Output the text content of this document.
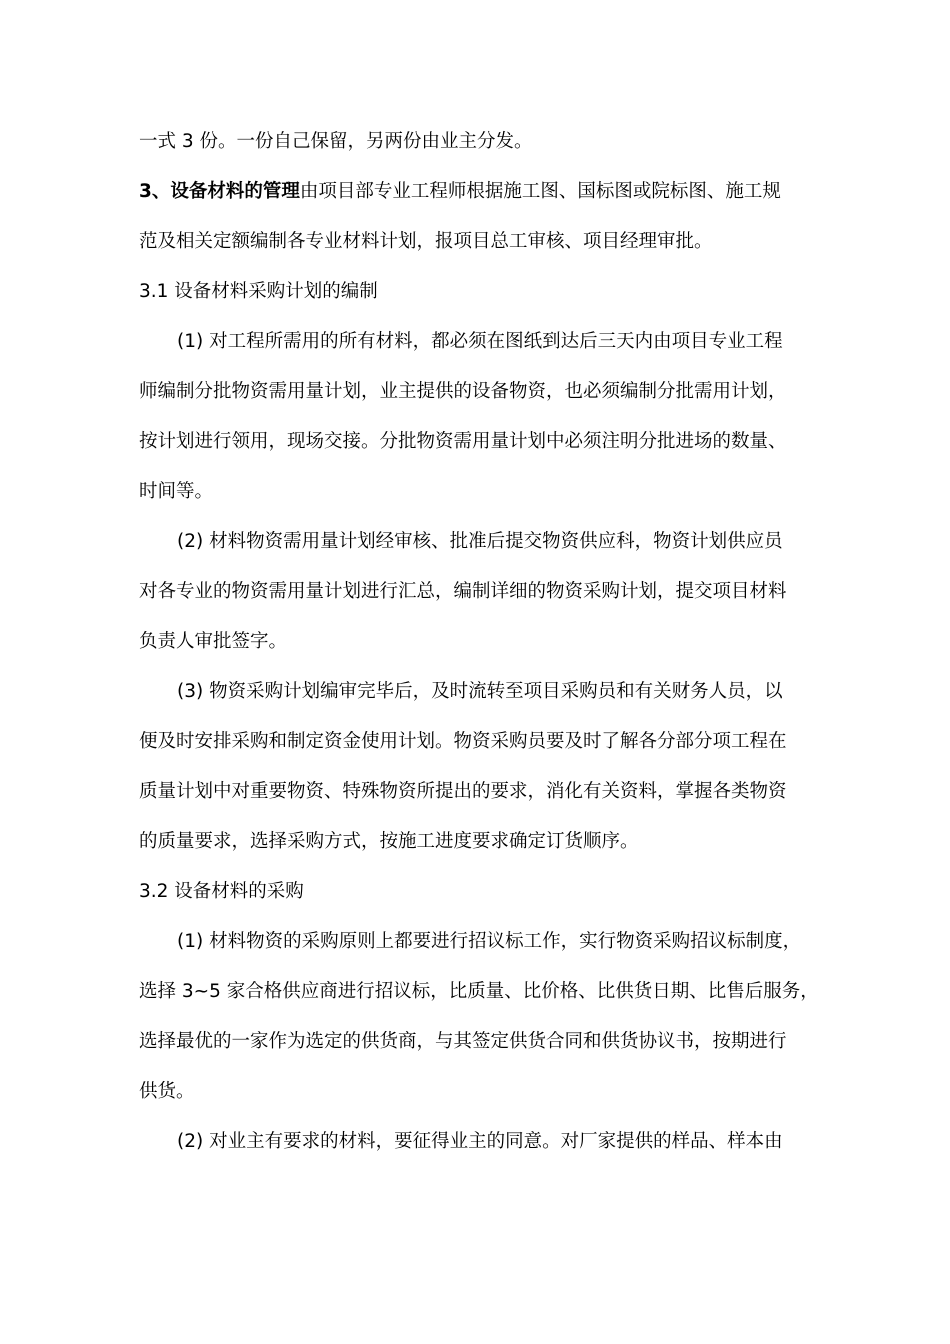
一式 3 份。一份自己保留，另两份由业主分发。

3、设备材料的管理由项目部专业工程师根据施工图、国标图或院标图、施工规

范及相关定额编制各专业材料计划，报项目总工审核、项目经理审批。

3.1 设备材料采购计划的编制

(1) 对工程所需用的所有材料，都必须在图纸到达后三天内由项目专业工程

师编制分批物资需用量计划，业主提供的设备物资，也必须编制分批需用计划，

按计划进行领用，现场交接。分批物资需用量计划中必须注明分批进场的数量、

时间等。

(2) 材料物资需用量计划经审核、批准后提交物资供应科，物资计划供应员

对各专业的物资需用量计划进行汇总，编制详细的物资采购计划，提交项目材料

负责人审批签字。

(3) 物资采购计划编审完毕后，及时流转至项目采购员和有关财务人员，以

便及时安排采购和制定资金使用计划。物资采购员要及时了解各分部分项工程在

质量计划中对重要物资、特殊物资所提出的要求，消化有关资料，掌握各类物资

的质量要求，选择采购方式，按施工进度要求确定订货顺序。

3.2 设备材料的采购

(1) 材料物资的采购原则上都要进行招议标工作，实行物资采购招议标制度，

选择 3~5 家合格供应商进行招议标，比质量、比价格、比供货日期、比售后服务，

选择最优的一家作为选定的供货商，与其签定供货合同和供货协议书，按期进行

供货。

(2) 对业主有要求的材料，要征得业主的同意。对厂家提供的样品、样本由
